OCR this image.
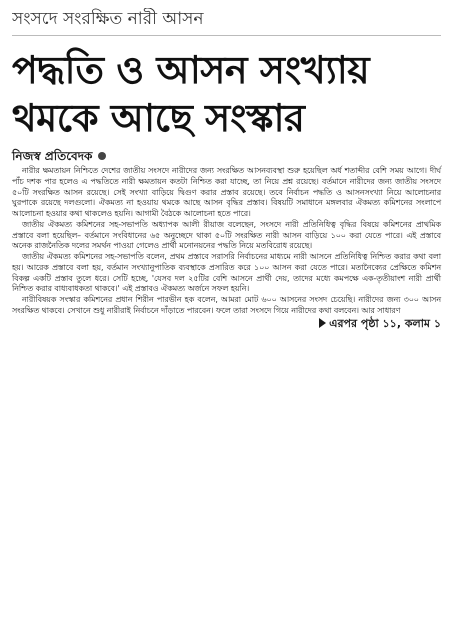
সংসদে সংরক্ষিত নারী আসন
পদ্ধতি ও আসন সংখ্যায়
থমকে আছে সংস্কার
নিজস্ব প্রতিবেদক

নারীর ক্ষমতায়ন নিশ্চিতে দেশের জাতীয় সংসদে নারীদের জন্য সংরক্ষিত আসনব্যবস্থা শুরু হয়েছিল অর্ধ শতাব্দীর বেশি সময় আগে। দীর্ঘ পাঁচ দশক পার হলেও এ পদ্ধতিতে নারী ক্ষমতায়ন কতটা নিশ্চিত করা যাচ্ছে, তা নিয়ে প্রশ্ন রয়েছে। বর্তমানে নারীদের জন্য জাতীয় সংসদে ৫০টি সংরক্ষিত আসন রয়েছে। সেই সংখ্যা বাড়িয়ে দ্বিগুণ করার প্রস্তাব রয়েছে। তবে নির্বাচন পদ্ধতি ও আসনসংখ্যা নিয়ে আলোচনার ঘুরপাকে রয়েছে দলগুলো। ঐকমত্য না হওয়ায় থমকে আছে আসন বৃদ্ধির প্রস্তাব। বিষয়টি সমাধানে মঙ্গলবার ঐকমত্য কমিশনের সংলাপে আলোচনা হওয়ার কথা থাকলেও হয়নি। আগামী বৈঠকে আলোচনা হতে পারে।

জাতীয় ঐকমত্য কমিশনের সহ-সভাপতি অধ্যাপক আলী রীয়াজ বলেছেন, সংসদে নারী প্রতিনিধিত্ব বৃদ্ধির বিষয়ে কমিশনের প্রাথমিক প্রস্তাবে বলা হয়েছিল– বর্তমানে সংবিধানের ৬৫ অনুচ্ছেদে থাকা ৫০টি সংরক্ষিত নারী আসন বাড়িয়ে ১০০ করা যেতে পারে। এই প্রস্তাবে অনেক রাজনৈতিক দলের সমর্থন পাওয়া গেলেও প্রার্থী মনোনয়নের পদ্ধতি নিয়ে মতবিরোধ রয়েছে।

জাতীয় ঐকমত্য কমিশনের সহ-সভাপতি বলেন, প্রথম প্রস্তাবে সরাসরি নির্বাচনের মাধ্যমে নারী আসনে প্রতিনিধিত্ব নিশ্চিত করার কথা বলা হয়। আরেক প্রস্তাবে বলা হয়, বর্তমান সংখ্যানুপাতিক ব্যবস্থাকে প্রসারিত করে ১০০ আসন করা যেতে পারে। মতানৈক্যের প্রেক্ষিতে কমিশন বিকল্প একটি প্রস্তাব তুলে ধরে। সেটি হচ্ছে, 'যেসব দল ২৫টির বেশি আসনে প্রার্থী দেয়, তাদের মধ্যে কমপক্ষে এক-তৃতীয়াংশ নারী প্রার্থী নিশ্চিত করার বাধ্যবাধকতা থাকবে।' এই প্রস্তাবও ঐকমত্য অর্জনে সফল হয়নি।

নারীবিষয়ক সংস্কার কমিশনের প্রধান শিরীন পারভীন হক বলেন, আমরা মোট ৬০০ আসনের সংসদ চেয়েছি। নারীদের জন্য ৩০০ আসন সংরক্ষিত থাকবে। সেখানে শুধু নারীরাই নির্বাচনে দাঁড়াতে পারবেন। ফলে তারা সংসদে গিয়ে নারীদের কথা বলবেন। আর সাধারণ

এরপর পৃষ্ঠা ১১, কলাম ১
